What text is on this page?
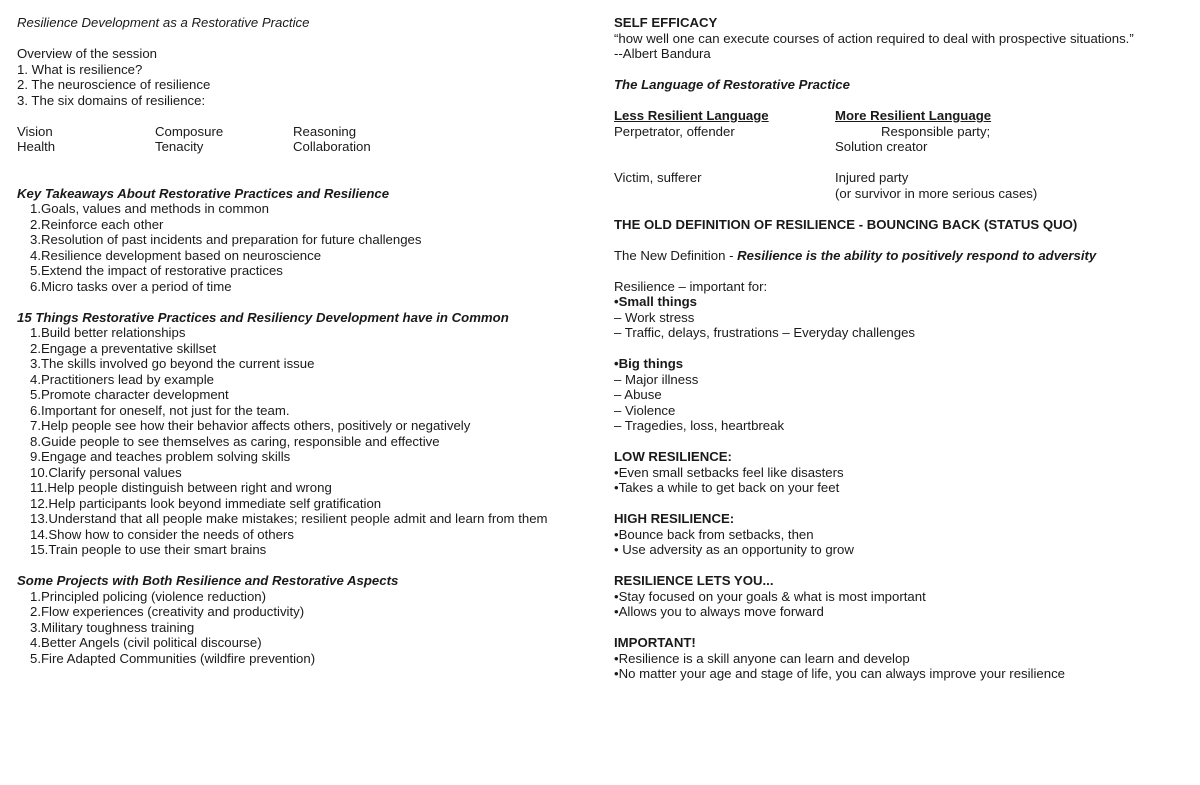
Resilience Development as a Restorative Practice
Overview of the session
1. What is resilience?
2. The neuroscience of resilience
3. The six domains of resilience:
Vision	Composure	Reasoning
Health	Tenacity	Collaboration
Key Takeaways About Restorative Practices and Resilience
1.Goals, values and methods in common
2.Reinforce each other
3.Resolution of past incidents and preparation for future challenges
4.Resilience development based on neuroscience
5.Extend the impact of restorative practices
6.Micro tasks over a period of time
15 Things Restorative Practices and Resiliency Development have in Common
1.Build better relationships
2.Engage a preventative skillset
3.The skills involved go beyond the current issue
4.Practitioners lead by example
5.Promote character development
6.Important for oneself, not just for the team.
7.Help people see how their behavior affects others, positively or negatively
8.Guide people to see themselves as caring, responsible and effective
9.Engage and teaches problem solving skills
10.Clarify personal values
11.Help people distinguish between right and wrong
12.Help participants look beyond immediate self gratification
13.Understand that all people make mistakes; resilient people admit and learn from them
14.Show how to consider the needs of others
15.Train people to use their smart brains
Some Projects with Both Resilience and Restorative Aspects
1.Principled policing (violence reduction)
2.Flow experiences (creativity and productivity)
3.Military toughness training
4.Better Angels (civil political discourse)
5.Fire Adapted Communities (wildfire prevention)
SELF EFFICACY
“how well one can execute courses of action required to deal with prospective situations.”
--Albert Bandura
The Language of Restorative Practice
Less Resilient Language	More Resilient Language
Perpetrator, offender	Responsible party;
Solution creator
Victim, sufferer	Injured party
(or survivor in more serious cases)
THE OLD DEFINITION OF RESILIENCE - BOUNCING BACK (STATUS QUO)
The New Definition - Resilience is the ability to positively respond to adversity
Resilience – important for:
•Small things
– Work stress
– Traffic, delays, frustrations – Everyday challenges
•Big things
– Major illness
– Abuse
– Violence
– Tragedies, loss, heartbreak
LOW RESILIENCE:
•Even small setbacks feel like disasters
•Takes a while to get back on your feet
HIGH RESILIENCE:
•Bounce back from setbacks, then
• Use adversity as an opportunity to grow
RESILIENCE LETS YOU...
•Stay focused on your goals & what is most important
•Allows you to always move forward
IMPORTANT!
•Resilience is a skill anyone can learn and develop
•No matter your age and stage of life, you can always improve your resilience
